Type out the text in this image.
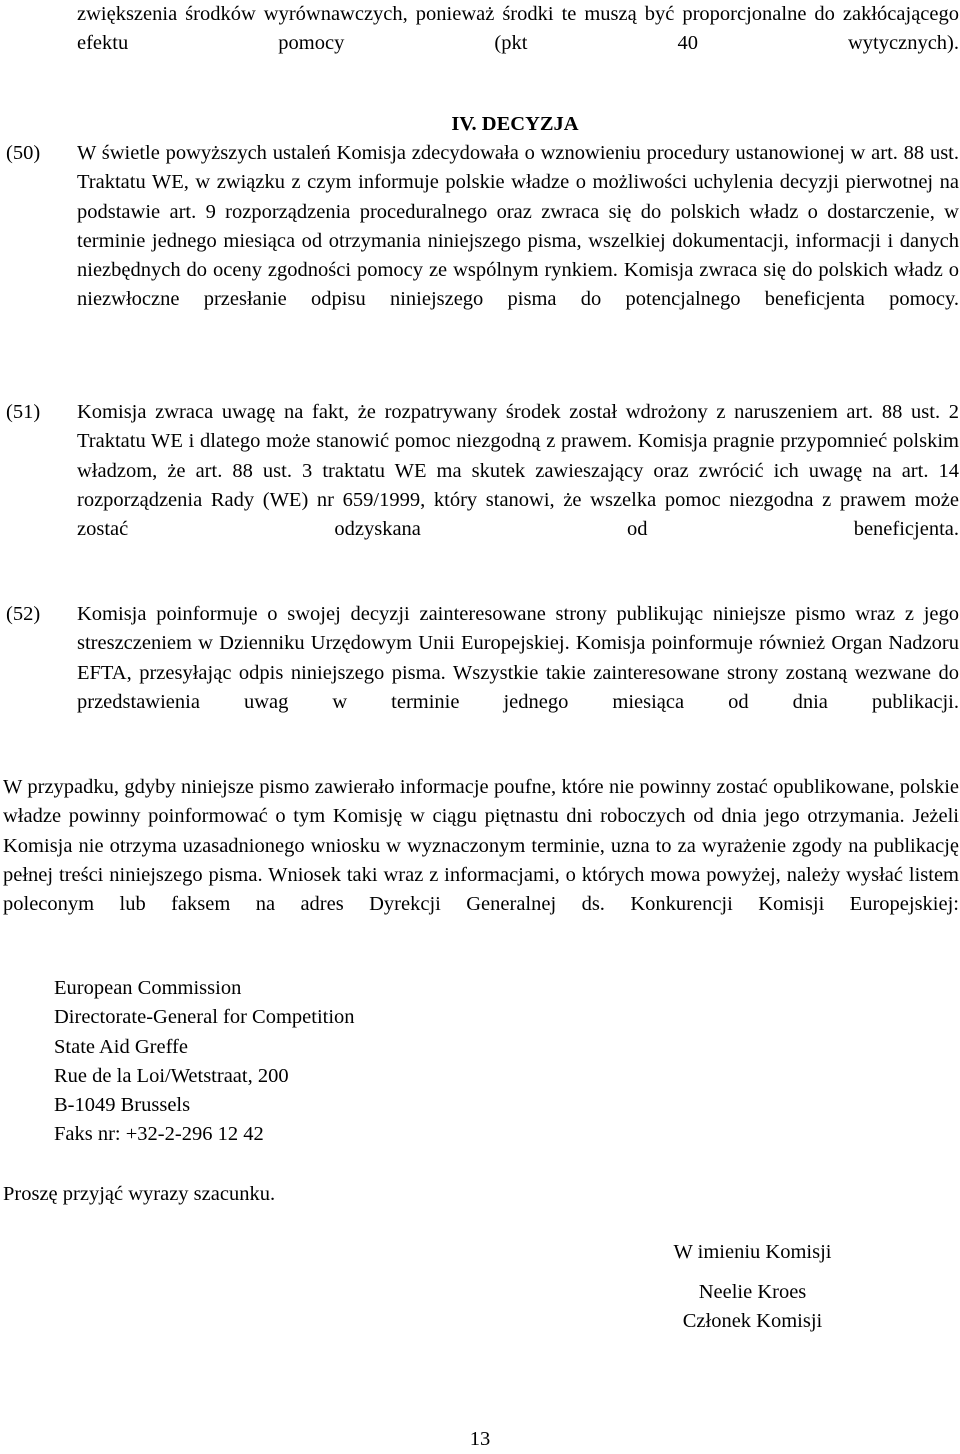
zwiększenia środków wyrównawczych, ponieważ środki te muszą być proporcjonalne do zakłócającego efektu pomocy (pkt 40 wytycznych).
IV. DECYZJA
(50) W świetle powyższych ustaleń Komisja zdecydowała o wznowieniu procedury ustanowionej w art. 88 ust. Traktatu WE, w związku z czym informuje polskie władze o możliwości uchylenia decyzji pierwotnej na podstawie art. 9 rozporządzenia proceduralnego oraz zwraca się do polskich władz o dostarczenie, w terminie jednego miesiąca od otrzymania niniejszego pisma, wszelkiej dokumentacji, informacji i danych niezbędnych do oceny zgodności pomocy ze wspólnym rynkiem. Komisja zwraca się do polskich władz o niezwłoczne przesłanie odpisu niniejszego pisma do potencjalnego beneficjenta pomocy.
(51) Komisja zwraca uwagę na fakt, że rozpatrywany środek został wdrożony z naruszeniem art. 88 ust. 2 Traktatu WE i dlatego może stanowić pomoc niezgodną z prawem. Komisja pragnie przypomnieć polskim władzom, że art. 88 ust. 3 traktatu WE ma skutek zawieszający oraz zwrócić ich uwagę na art. 14 rozporządzenia Rady (WE) nr 659/1999, który stanowi, że wszelka pomoc niezgodna z prawem może zostać odzyskana od beneficjenta.
(52) Komisja poinformuje o swojej decyzji zainteresowane strony publikując niniejsze pismo wraz z jego streszczeniem w Dzienniku Urzędowym Unii Europejskiej. Komisja poinformuje również Organ Nadzoru EFTA, przesyłając odpis niniejszego pisma. Wszystkie takie zainteresowane strony zostaną wezwane do przedstawienia uwag w terminie jednego miesiąca od dnia publikacji.
W przypadku, gdyby niniejsze pismo zawierało informacje poufne, które nie powinny zostać opublikowane, polskie władze powinny poinformować o tym Komisję w ciągu piętnastu dni roboczych od dnia jego otrzymania. Jeżeli Komisja nie otrzyma uzasadnionego wniosku w wyznaczonym terminie, uzna to za wyrażenie zgody na publikację pełnej treści niniejszego pisma. Wniosek taki wraz z informacjami, o których mowa powyżej, należy wysłać listem poleconym lub faksem na adres Dyrekcji Generalnej ds. Konkurencji Komisji Europejskiej:
European Commission
Directorate-General for Competition
State Aid Greffe
Rue de la Loi/Wetstraat, 200
B-1049 Brussels
Faks nr: +32-2-296 12 42
Proszę przyjąć wyrazy szacunku.
W imieniu Komisji
Neelie Kroes
Członek Komisji
13
